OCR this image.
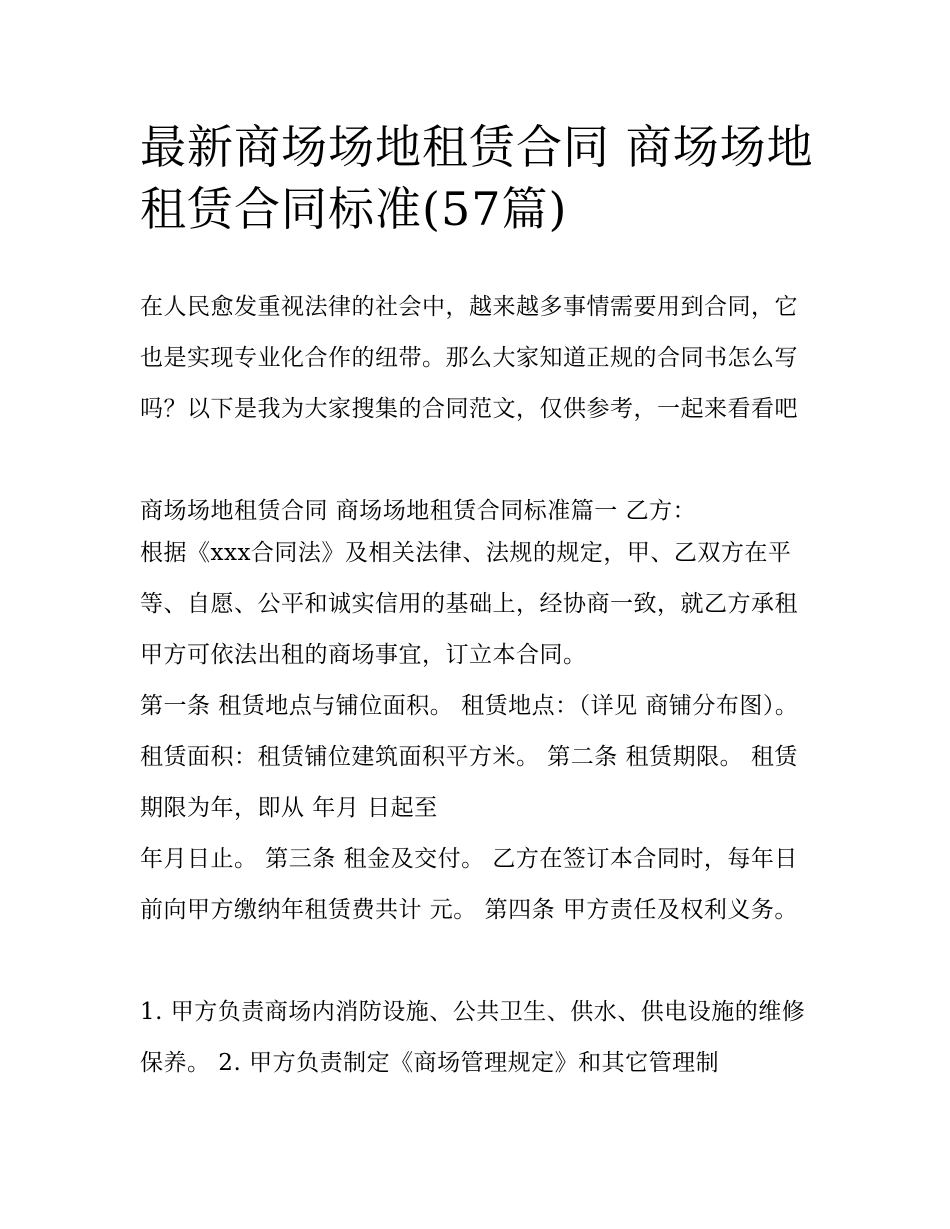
最新商场场地租赁合同 商场场地租赁合同标准(57篇)

在人民愈发重视法律的社会中，越来越多事情需要用到合同，它也是实现专业化合作的纽带。那么大家知道正规的合同书怎么写吗？以下是我为大家搜集的合同范文，仅供参考，一起来看看吧

商场场地租赁合同 商场场地租赁合同标准篇一 乙方：

根据《xxx合同法》及相关法律、法规的规定，甲、乙双方在平等、自愿、公平和诚实信用的基础上，经协商一致，就乙方承租甲方可依法出租的商场事宜，订立本合同。

第一条 租赁地点与铺位面积。 租赁地点：（详见 商铺分布图）。 租赁面积：租赁铺位建筑面积平方米。 第二条 租赁期限。 租赁期限为年，即从 年月 日起至

年月日止。 第三条 租金及交付。 乙方在签订本合同时，每年日前向甲方缴纳年租赁费共计 元。 第四条 甲方责任及权利义务。

1. 甲方负责商场内消防设施、公共卫生、供水、供电设施的维修保养。 2. 甲方负责制定《商场管理规定》和其它管理制
